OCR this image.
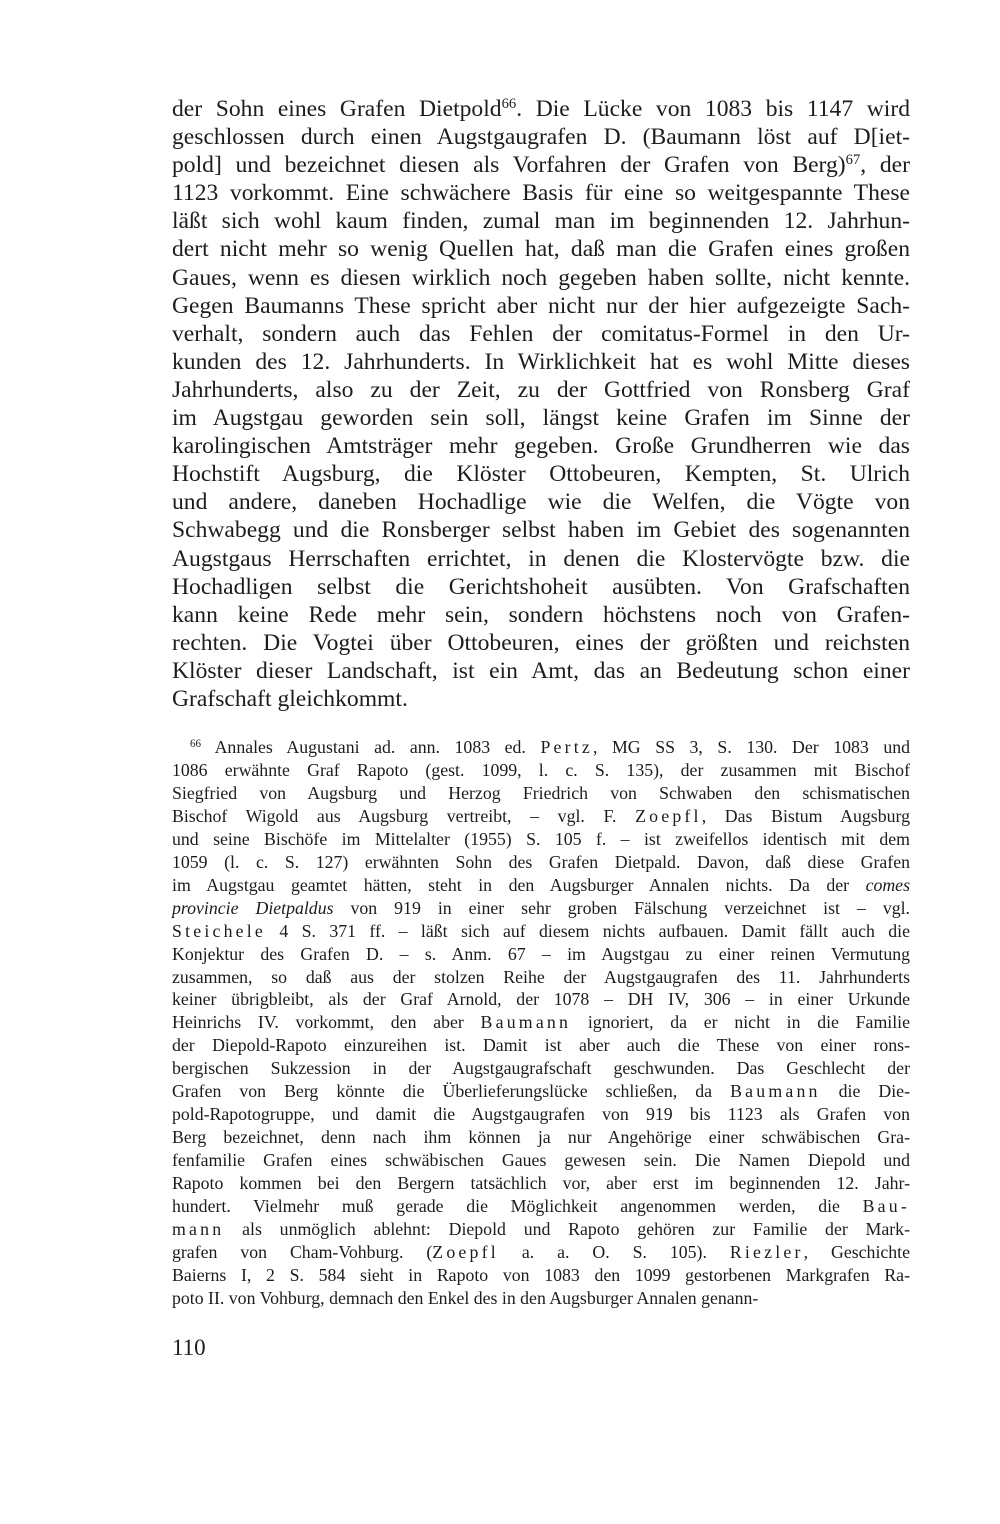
der Sohn eines Grafen Dietpold$^{66}$. Die Lücke von 1083 bis 1147 wird
geschlossen durch einen Augstgaugrafen D. (Baumann löst auf D[iet-
pold] und bezeichnet diesen als Vorfahren der Grafen von Berg)$^{67}$, der
1123 vorkommt. Eine schwächere Basis für eine so weitgespannte These
läßt sich wohl kaum finden, zumal man im beginnenden 12. Jahrhun-
dert nicht mehr so wenig Quellen hat, daß man die Grafen eines großen
Gaues, wenn es diesen wirklich noch gegeben haben sollte, nicht kennte.
Gegen Baumanns These spricht aber nicht nur der hier aufgezeigte Sach-
verhalt, sondern auch das Fehlen der comitatus-Formel in den Ur-
kunden des 12. Jahrhunderts. In Wirklichkeit hat es wohl Mitte dieses
Jahrhunderts, also zu der Zeit, zu der Gottfried von Ronsberg Graf
im Augstgau geworden sein soll, längst keine Grafen im Sinne der
karolingischen Amtsträger mehr gegeben. Große Grundherren wie das
Hochstift Augsburg, die Klöster Ottobeuren, Kempten, St. Ulrich
und andere, daneben Hochadlige wie die Welfen, die Vögte von
Schwabegg und die Ronsberger selbst haben im Gebiet des sogenannten
Augstgaus Herrschaften errichtet, in denen die Klostervögte bzw. die
Hochadligen selbst die Gerichtshoheit ausübten. Von Grafschaften
kann keine Rede mehr sein, sondern höchstens noch von Grafen-
rechten. Die Vogtei über Ottobeuren, eines der größten und reichsten
Klöster dieser Landschaft, ist ein Amt, das an Bedeutung schon einer
Grafschaft gleichkommt.
$^{66}$ Annales Augustani ad. ann. 1083 ed. Pertz, MG SS 3, S. 130. Der 1083 und
1086 erwähnte Graf Rapoto (gest. 1099, l. c. S. 135), der zusammen mit Bischof
Siegfried von Augsburg und Herzog Friedrich von Schwaben den schismatischen
Bischof Wigold aus Augsburg vertreibt, – vgl. F. Zoepfl, Das Bistum Augsburg
und seine Bischöfe im Mittelalter (1955) S. 105 f. – ist zweifellos identisch mit dem
1059 (l. c. S. 127) erwähnten Sohn des Grafen Dietpald. Davon, daß diese Grafen
im Augstgau geamtet hätten, steht in den Augsburger Annalen nichts. Da der comes
provincie Dietpaldus von 919 in einer sehr groben Fälschung verzeichnet ist – vgl.
Steichele 4 S. 371 ff. – läßt sich auf diesem nichts aufbauen. Damit fällt auch die
Konjektur des Grafen D. – s. Anm. 67 – im Augstgau zu einer reinen Vermutung
zusammen, so daß aus der stolzen Reihe der Augstgaugrafen des 11. Jahrhunderts
keiner übrigbleibt, als der Graf Arnold, der 1078 – DH IV, 306 – in einer Urkunde
Heinrichs IV. vorkommt, den aber Baumann ignoriert, da er nicht in die Familie
der Diepold-Rapoto einzureihen ist. Damit ist aber auch die These von einer rons-
bergischen Sukzession in der Augstgaugrafschaft geschwunden. Das Geschlecht der
Grafen von Berg könnte die Überlieferungslücke schließen, da Baumann die Die-
pold-Rapotogruppe, und damit die Augstgaugrafen von 919 bis 1123 als Grafen von
Berg bezeichnet, denn nach ihm können ja nur Angehörige einer schwäbischen Gra-
fenfamilie Grafen eines schwäbischen Gaues gewesen sein. Die Namen Diepold und
Rapoto kommen bei den Bergern tatsächlich vor, aber erst im beginnenden 12. Jahr-
hundert. Vielmehr muß gerade die Möglichkeit angenommen werden, die Bau-
mann als unmöglich ablehnt: Diepold und Rapoto gehören zur Familie der Mark-
grafen von Cham-Vohburg. (Zoepfl a. a. O. S. 105). Riezler, Geschichte
Baierns I, 2 S. 584 sieht in Rapoto von 1083 den 1099 gestorbenen Markgrafen Ra-
poto II. von Vohburg, demnach den Enkel des in den Augsburger Annalen genann-
110
